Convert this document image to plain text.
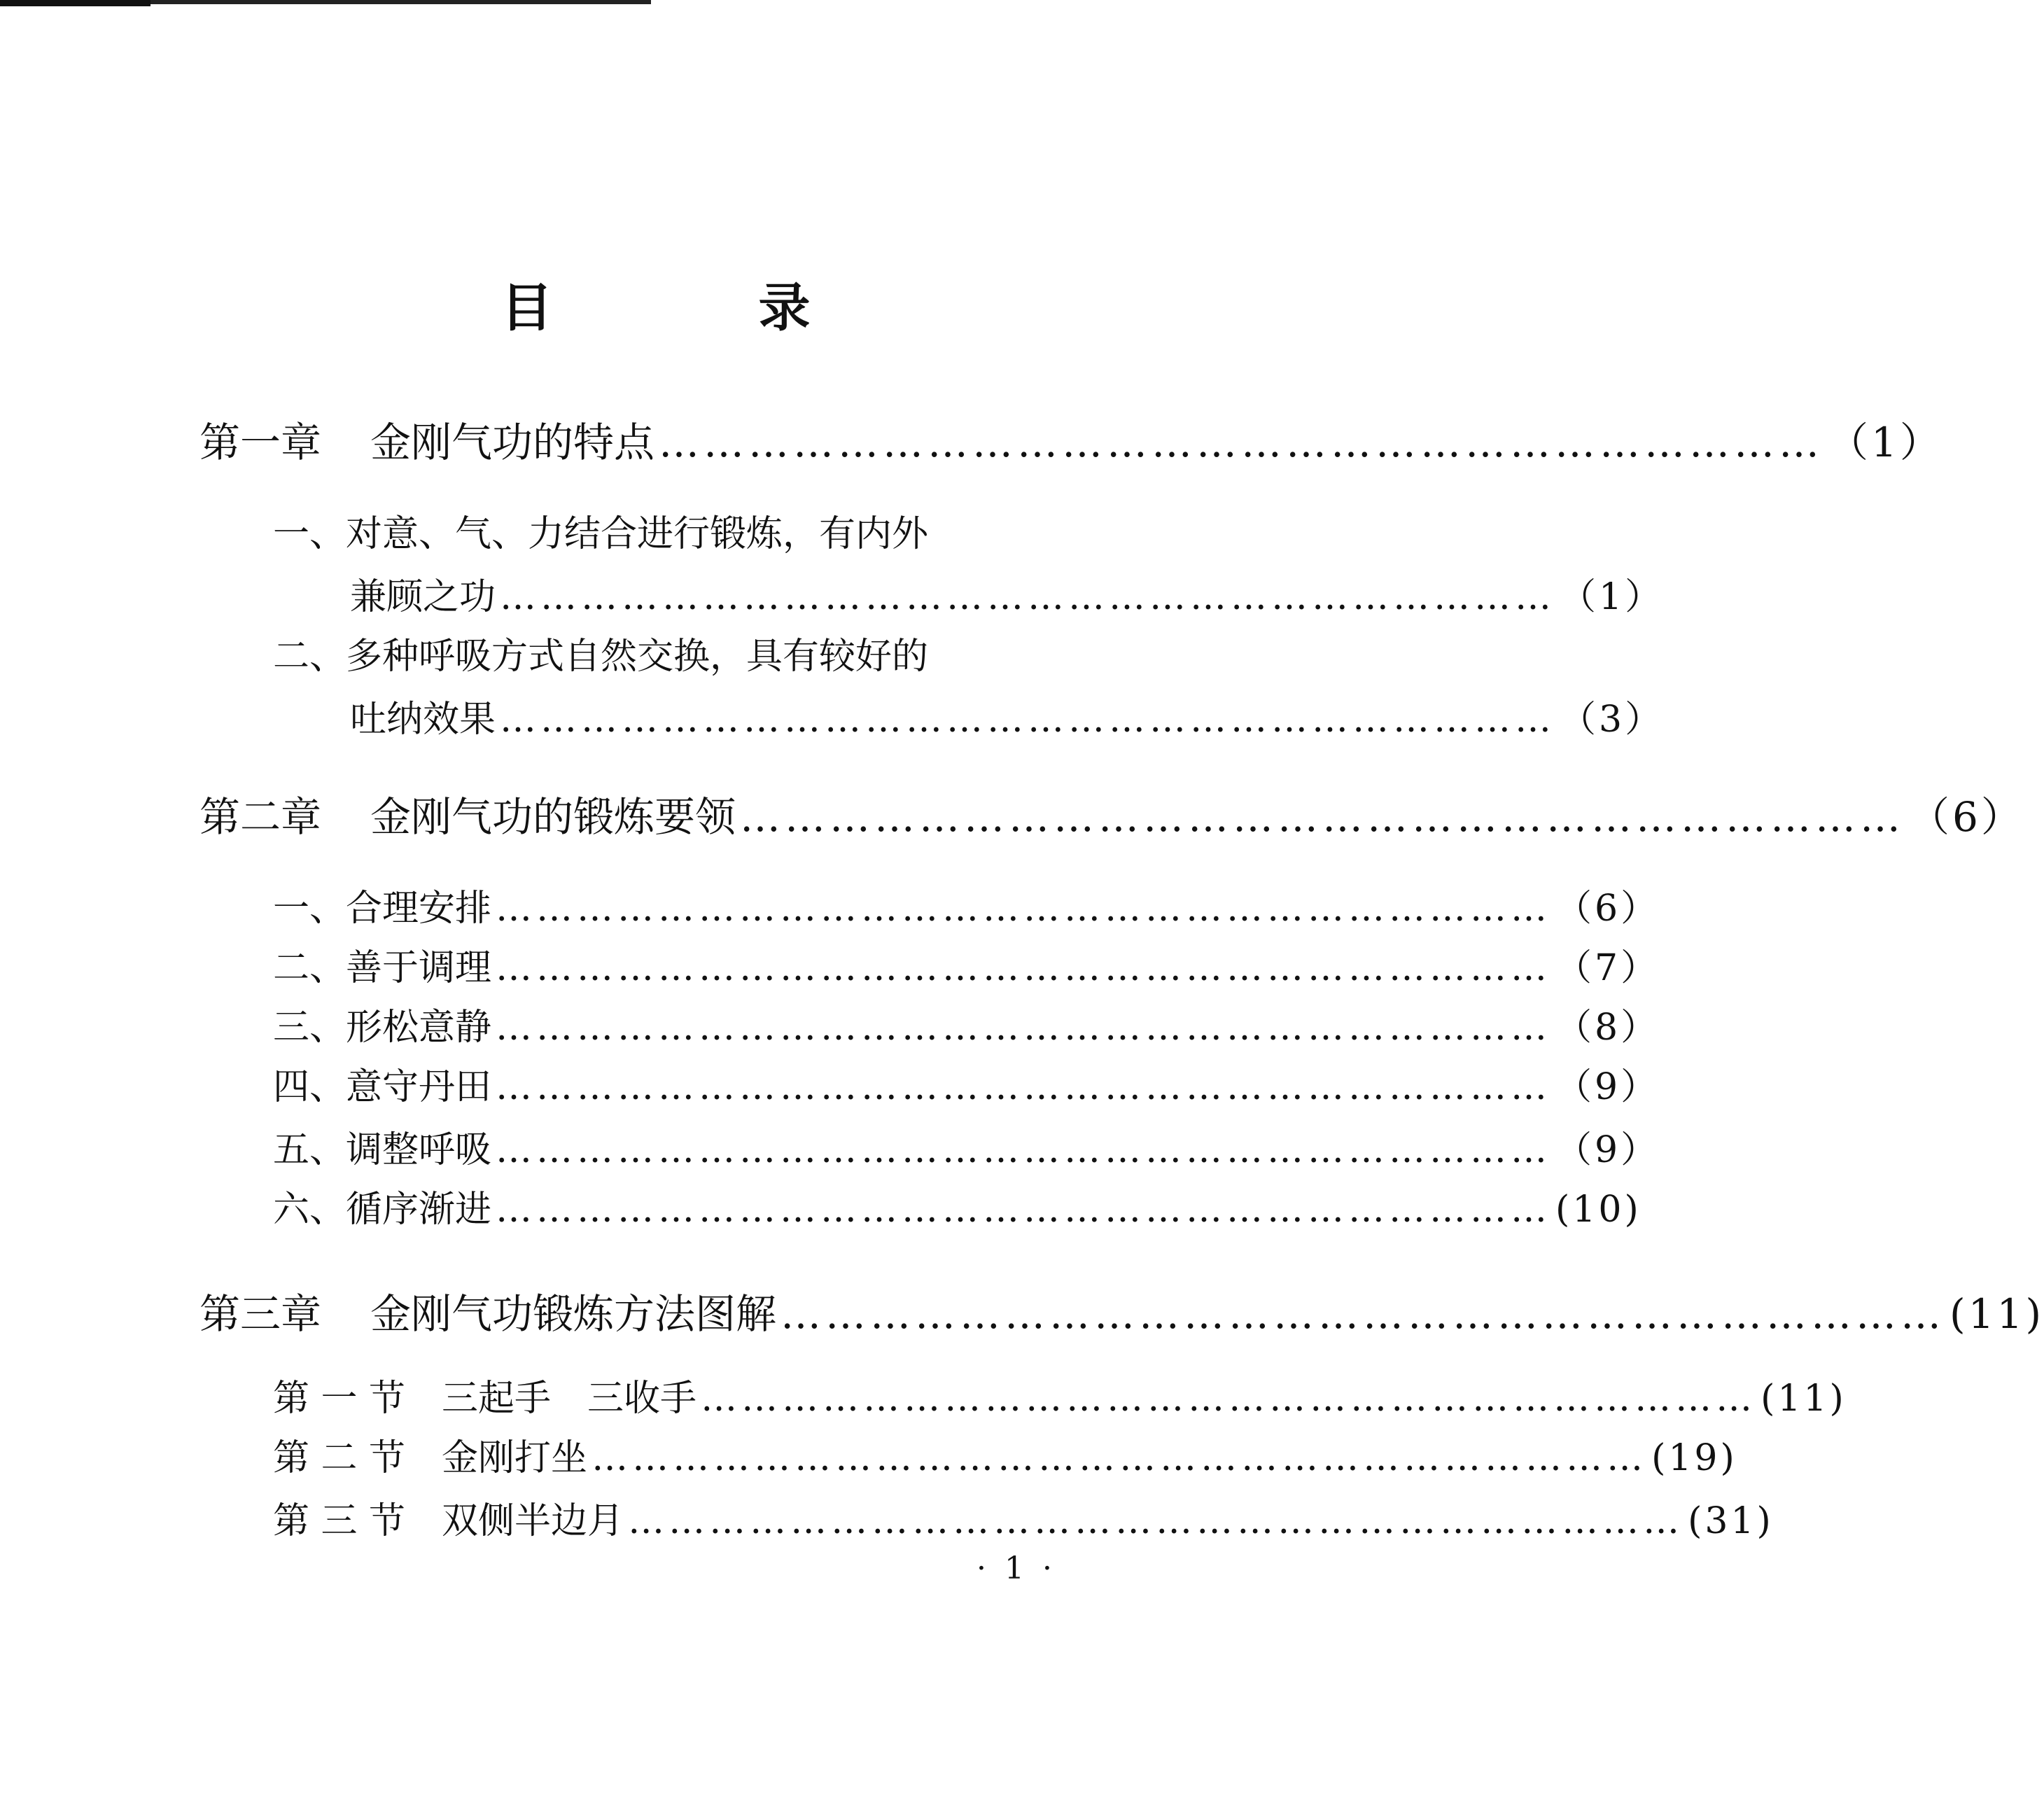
目　录
第一章 金刚气功的特点 …………………………………………………………………… （1）
一、对意、气、力结合进行锻炼，有内外
兼顾之功 …………………………………………………………………… （1）
二、多种呼吸方式自然交换，具有较好的
吐纳效果 …………………………………………………………………… （3）
第二章 金刚气功的锻炼要领 …………………………………………………………………… （6）
一、合理安排 …………………………………………………………………… （6）
二、善于调理 …………………………………………………………………… （7）
三、形松意静 …………………………………………………………………… （8）
四、意守丹田 …………………………………………………………………… （9）
五、调整呼吸 …………………………………………………………………… （9）
六、循序渐进 …………………………………………………………………… (10)
第三章 金刚气功锻炼方法图解 …………………………………………………………………… (11)
第 一 节　三起手　三收手 …………………………………………………………………… (11)
第 二 节　金刚打坐 …………………………………………………………………… (19)
第 三 节　双侧半边月 …………………………………………………………………… (31)
·1·
